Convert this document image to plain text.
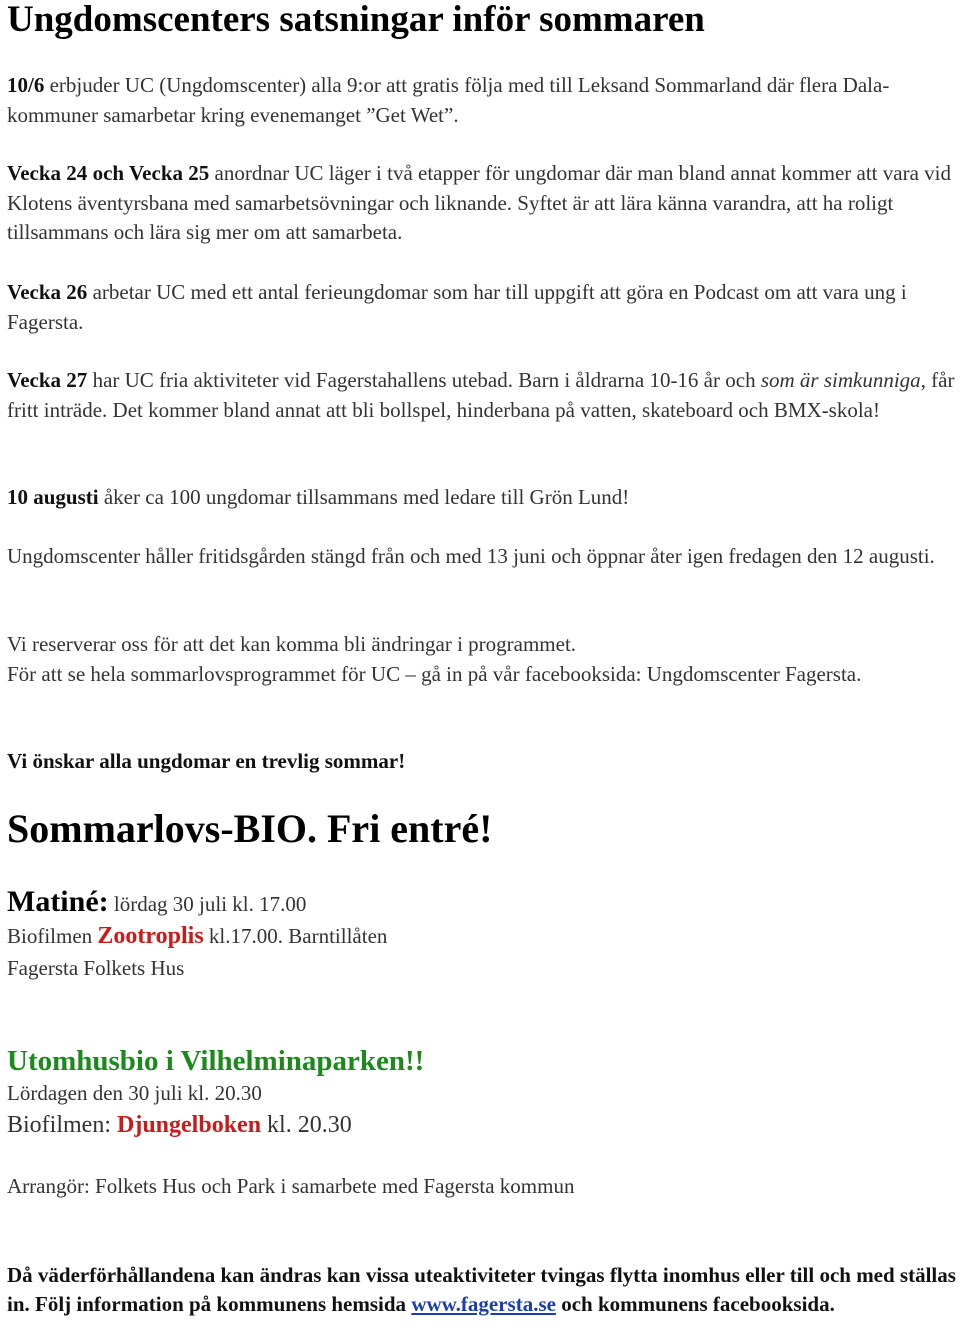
Ungdomscenters satsningar inför sommaren

10/6 erbjuder UC (Ungdomscenter) alla 9:or att gratis följa med till Leksand Sommarland där flera Dala-kommuner samarbetar kring evenemanget ”Get Wet”.

Vecka 24 och Vecka 25 anordnar UC läger i två etapper för ungdomar där man bland annat kommer att vara vid Klotens äventyrsbana med samarbetsövningar och liknande. Syftet är att lära känna varandra, att ha roligt tillsammans och lära sig mer om att samarbeta.

Vecka 26 arbetar UC med ett antal ferieungdomar som har till uppgift att göra en Podcast om att vara ung i Fagersta.

Vecka 27 har UC fria aktiviteter vid Fagerstahallens utebad. Barn i åldrarna 10-16 år och som är simkunniga, får fritt inträde. Det kommer bland annat att bli bollspel, hinderbana på vatten, skateboard och BMX-skola!

10 augusti åker ca 100 ungdomar tillsammans med ledare till Grön Lund!

Ungdomscenter håller fritidsgården stängd från och med 13 juni och öppnar åter igen fredagen den 12 augusti.

Vi reserverar oss för att det kan komma bli ändringar i programmet.
För att se hela sommarlovsprogrammet för UC – gå in på vår facebooksida: Ungdomscenter Fagersta.

Vi önskar alla ungdomar en trevlig sommar!

Sommarlovs-BIO. Fri entré!

Matiné: lördag 30 juli kl. 17.00

Biofilmen Zootroplis kl.17.00. Barntillåten

Fagersta Folkets Hus

Utomhusbio i Vilhelminaparken!!

Lördagen den 30 juli kl. 20.30

Biofilmen: Djungelboken kl. 20.30

Arrangör: Folkets Hus och Park i samarbete med Fagersta kommun

Då väderförhållandena kan ändras kan vissa uteaktiviteter tvingas flytta inomhus eller till och med ställas in. Följ information på kommunens hemsida www.fagersta.se och kommunens facebooksida.
